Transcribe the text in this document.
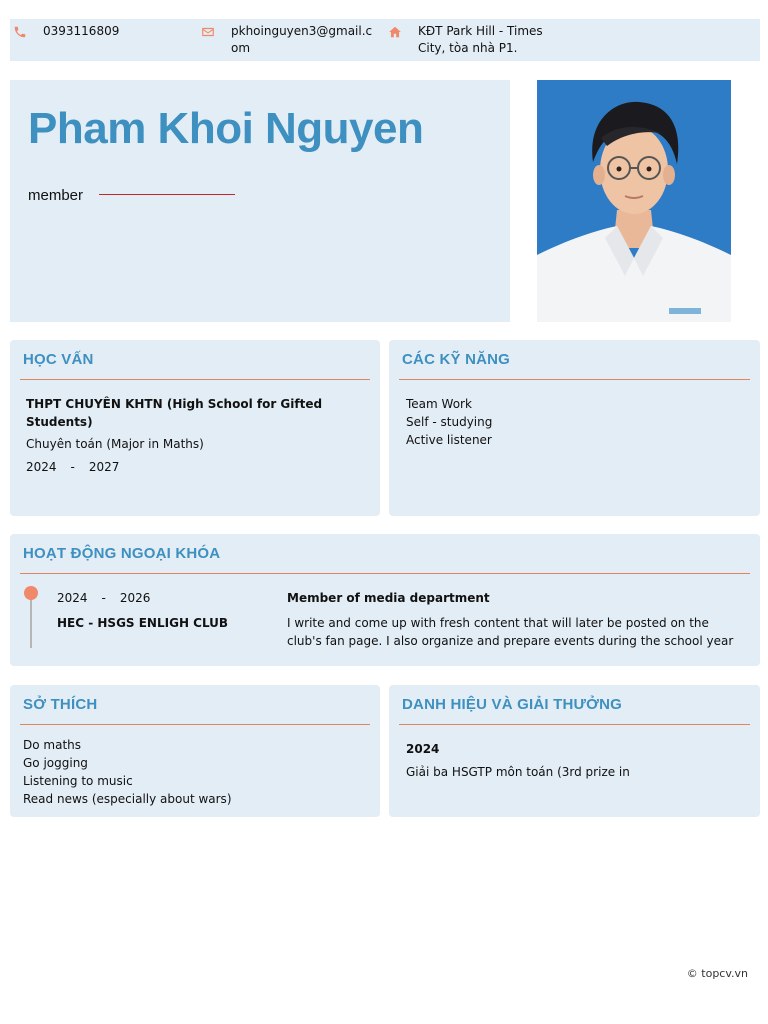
0393116809	pkhoinguyen3@gmail.com
KĐT Park Hill - Times City, tòa nhà P1.
Pham Khoi Nguyen
member
HỌC VẤN
THPT CHUYÊN KHTN (High School for Gifted Students)
Chuyên toán (Major in Maths)
2024 - 2027
CÁC KỸ NĂNG
Team Work
Self - studying
Active listener
HOẠT ĐỘNG NGOẠI KHÓA
2024 - 2026
HEC - HSGS ENLIGH CLUB
Member of media department
I write and come up with fresh content that will later be posted on the club's fan page. I also organize and prepare events during the school year
SỞ THÍCH
Do maths
Go jogging
Listening to music
Read news (especially about wars)
DANH HIỆU VÀ GIẢI THƯỞNG
2024
Giải ba HSGTP môn toán (3rd prize in
© topcv.vn
